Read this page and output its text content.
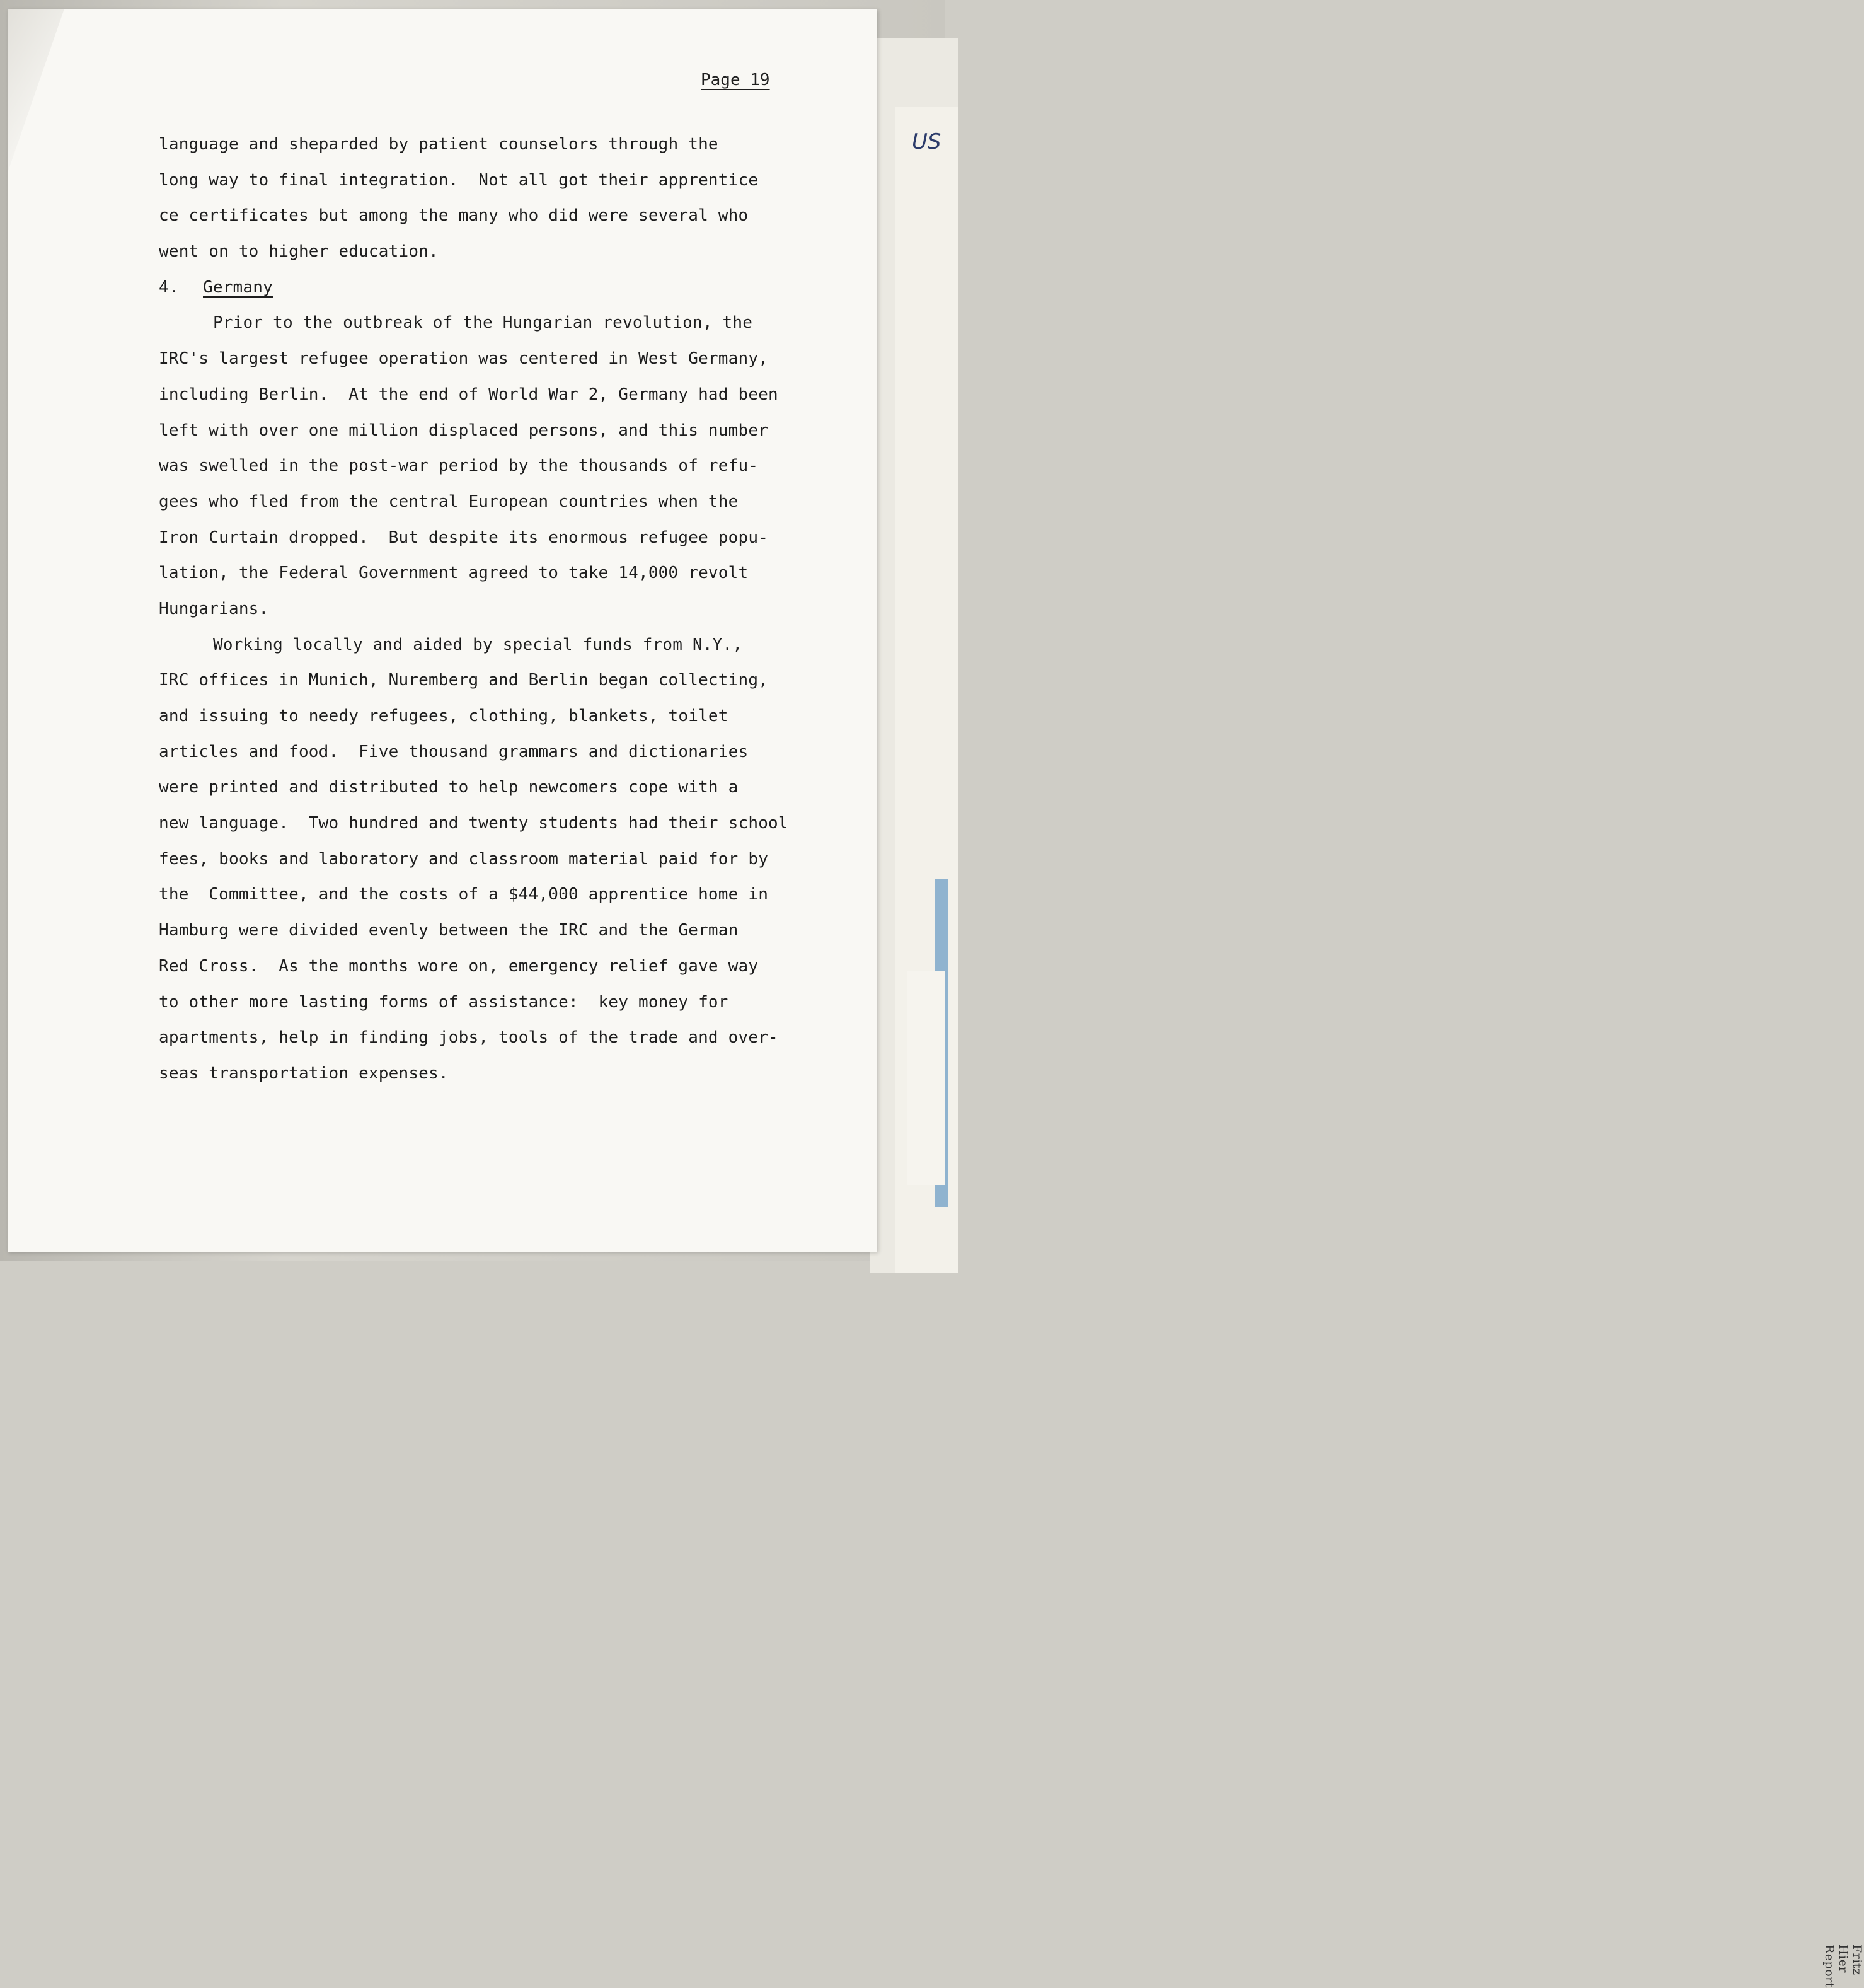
Fritz Hier Report
US
Page 19
language and sheparded by patient counselors through the
long way to final integration.  Not all got their apprentice
ce certificates but among the many who did were several who
went on to higher education.
4. Germany
Prior to the outbreak of the Hungarian revolution, the
IRC's largest refugee operation was centered in West Germany,
including Berlin.  At the end of World War 2, Germany had been
left with over one million displaced persons, and this number
was swelled in the post-war period by the thousands of refu-
gees who fled from the central European countries when the
Iron Curtain dropped.  But despite its enormous refugee popu-
lation, the Federal Government agreed to take 14,000 revolt
Hungarians.
Working locally and aided by special funds from N.Y.,
IRC offices in Munich, Nuremberg and Berlin began collecting,
and issuing to needy refugees, clothing, blankets, toilet
articles and food.  Five thousand grammars and dictionaries
were printed and distributed to help newcomers cope with a
new language.  Two hundred and twenty students had their school
fees, books and laboratory and classroom material paid for by
the  Committee, and the costs of a $44,000 apprentice home in
Hamburg were divided evenly between the IRC and the German
Red Cross.  As the months wore on, emergency relief gave way
to other more lasting forms of assistance:  key money for
apartments, help in finding jobs, tools of the trade and over-
seas transportation expenses.
